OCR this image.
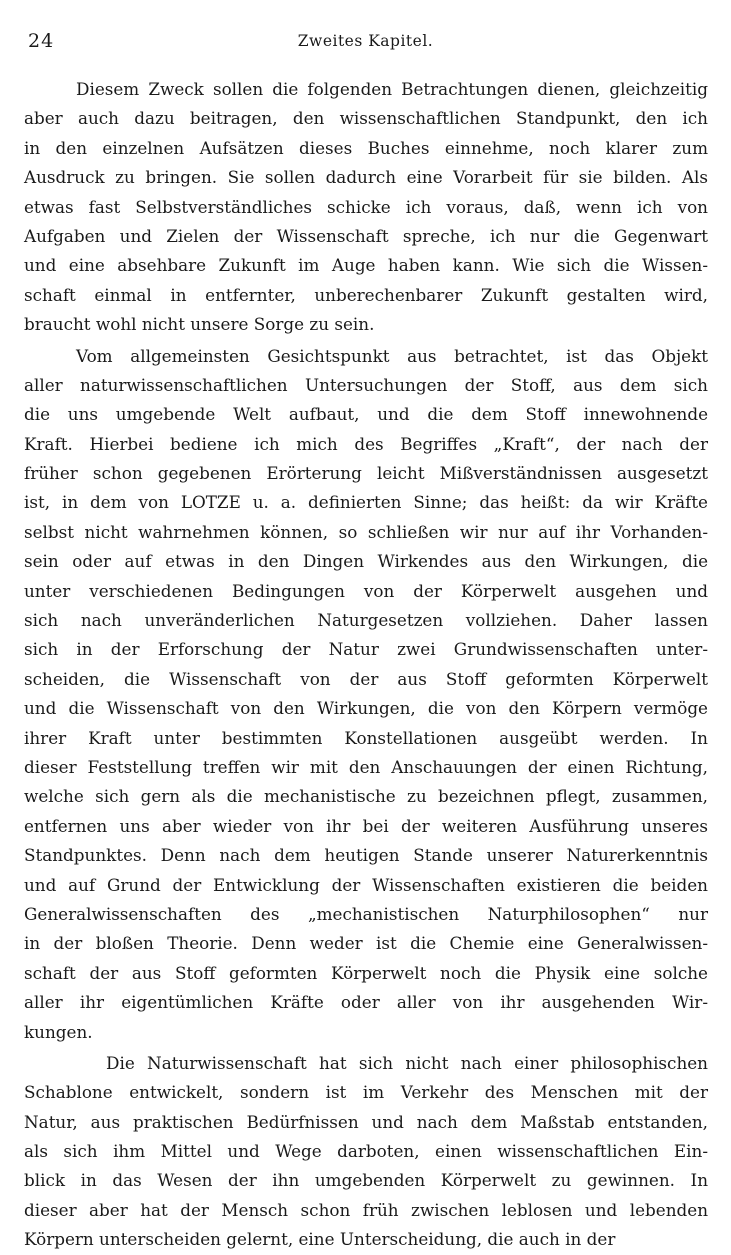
24	Zweites Kapitel.
Diesem Zweck sollen die folgenden Betrachtungen dienen, gleichzeitig
aber auch dazu beitragen, den wissenschaftlichen Standpunkt, den ich
in den einzelnen Aufsätzen dieses Buches einnehme, noch klarer zum
Ausdruck zu bringen. Sie sollen dadurch eine Vorarbeit für sie bilden. Als
etwas fast Selbstverständliches schicke ich voraus, daß, wenn ich von
Aufgaben und Zielen der Wissenschaft spreche, ich nur die Gegenwart
und eine absehbare Zukunft im Auge haben kann. Wie sich die Wissen-
schaft einmal in entfernter, unberechenbarer Zukunft gestalten wird,
braucht wohl nicht unsere Sorge zu sein.
Vom allgemeinsten Gesichtspunkt aus betrachtet, ist das Objekt
aller naturwissenschaftlichen Untersuchungen der Stoff, aus dem sich
die uns umgebende Welt aufbaut, und die dem Stoff innewohnende
Kraft. Hierbei bediene ich mich des Begriffes „Kraft“, der nach der
früher schon gegebenen Erörterung leicht Mißverständnissen ausgesetzt
ist, in dem von LOTZE u. a. definierten Sinne; das heißt: da wir Kräfte
selbst nicht wahrnehmen können, so schließen wir nur auf ihr Vorhanden-
sein oder auf etwas in den Dingen Wirkendes aus den Wirkungen, die
unter verschiedenen Bedingungen von der Körperwelt ausgehen und
sich nach unveränderlichen Naturgesetzen vollziehen. Daher lassen
sich in der Erforschung der Natur zwei Grundwissenschaften unter-
scheiden, die Wissenschaft von der aus Stoff geformten Körperwelt
und die Wissenschaft von den Wirkungen, die von den Körpern vermöge
ihrer Kraft unter bestimmten Konstellationen ausgeübt werden. In
dieser Feststellung treffen wir mit den Anschauungen der einen Richtung,
welche sich gern als die mechanistische zu bezeichnen pflegt, zusammen,
entfernen uns aber wieder von ihr bei der weiteren Ausführung unseres
Standpunktes. Denn nach dem heutigen Stande unserer Naturerkenntnis
und auf Grund der Entwicklung der Wissenschaften existieren die beiden
Generalwissenschaften des „mechanistischen Naturphilosophen“ nur
in der bloßen Theorie. Denn weder ist die Chemie eine Generalwissen-
schaft der aus Stoff geformten Körperwelt noch die Physik eine solche
aller ihr eigentümlichen Kräfte oder aller von ihr ausgehenden Wir-
kungen.
Die Naturwissenschaft hat sich nicht nach einer philosophischen
Schablone entwickelt, sondern ist im Verkehr des Menschen mit der
Natur, aus praktischen Bedürfnissen und nach dem Maßstab entstanden,
als sich ihm Mittel und Wege darboten, einen wissenschaftlichen Ein-
blick in das Wesen der ihn umgebenden Körperwelt zu gewinnen. In
dieser aber hat der Mensch schon früh zwischen leblosen und lebenden
Körpern unterscheiden gelernt, eine Unterscheidung, die auch in der
